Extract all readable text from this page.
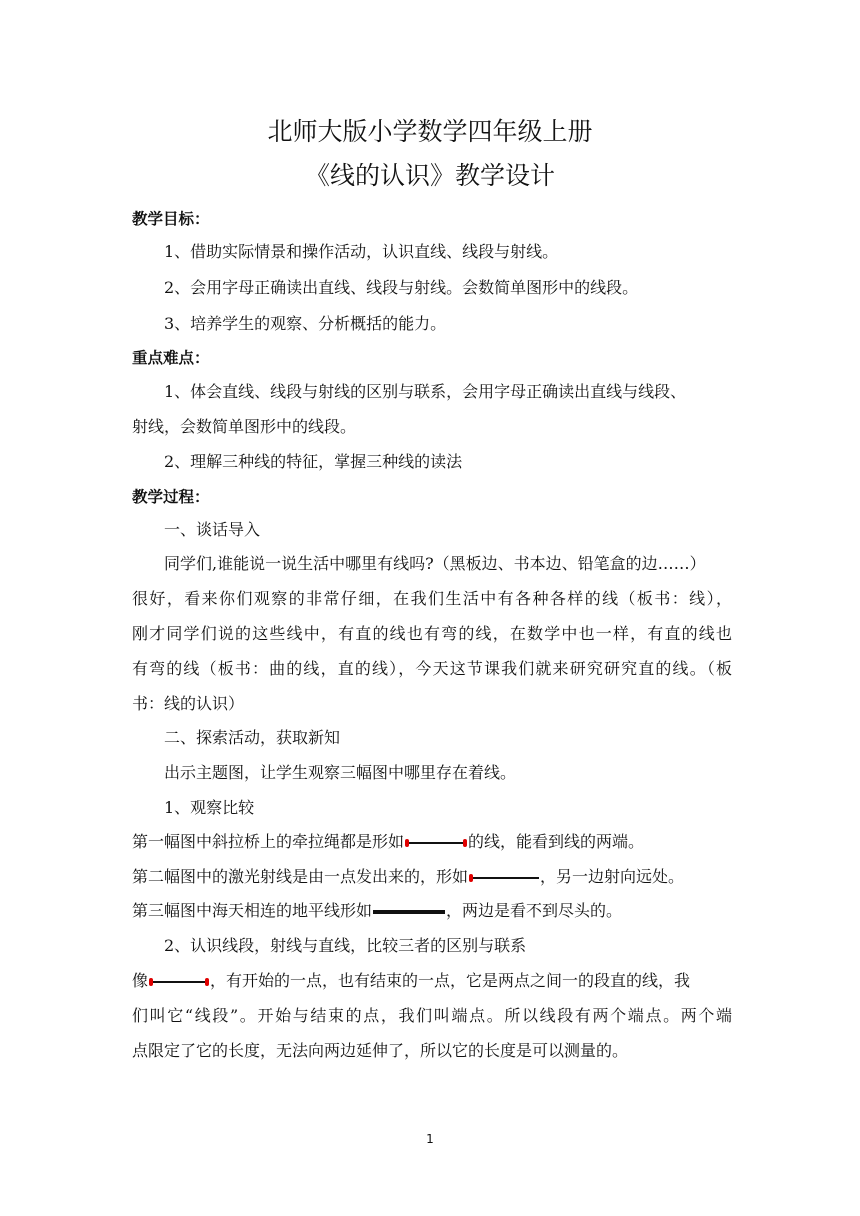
北师大版小学数学四年级上册
《线的认识》教学设计
教学目标：
1、借助实际情景和操作活动，认识直线、线段与射线。
2、会用字母正确读出直线、线段与射线。会数简单图形中的线段。
3、培养学生的观察、分析概括的能力。
重点难点：
1、体会直线、线段与射线的区别与联系，会用字母正确读出直线与线段、
射线，会数简单图形中的线段。
2、理解三种线的特征，掌握三种线的读法
教学过程：
一、谈话导入
同学们,谁能说一说生活中哪里有线吗?（黑板边、书本边、铅笔盒的边……）
很好，看来你们观察的非常仔细，在我们生活中有各种各样的线（板书：线），
刚才同学们说的这些线中，有直的线也有弯的线，在数学中也一样，有直的线也
有弯的线（板书：曲的线，直的线），今天这节课我们就来研究研究直的线。（板
书：线的认识）
二、探索活动，获取新知
出示主题图，让学生观察三幅图中哪里存在着线。
1、观察比较
第一幅图中斜拉桥上的牵拉绳都是形如	的线，能看到线的两端。
第二幅图中的激光射线是由一点发出来的，形如	，另一边射向远处。
第三幅图中海天相连的地平线形如	，两边是看不到尽头的。
2、认识线段，射线与直线，比较三者的区别与联系
像	，有开始的一点，也有结束的一点，它是两点之间一的段直的线，我
们叫它“线段”。开始与结束的点，我们叫端点。所以线段有两个端点。两个端
点限定了它的长度，无法向两边延伸了，所以它的长度是可以测量的。
1
